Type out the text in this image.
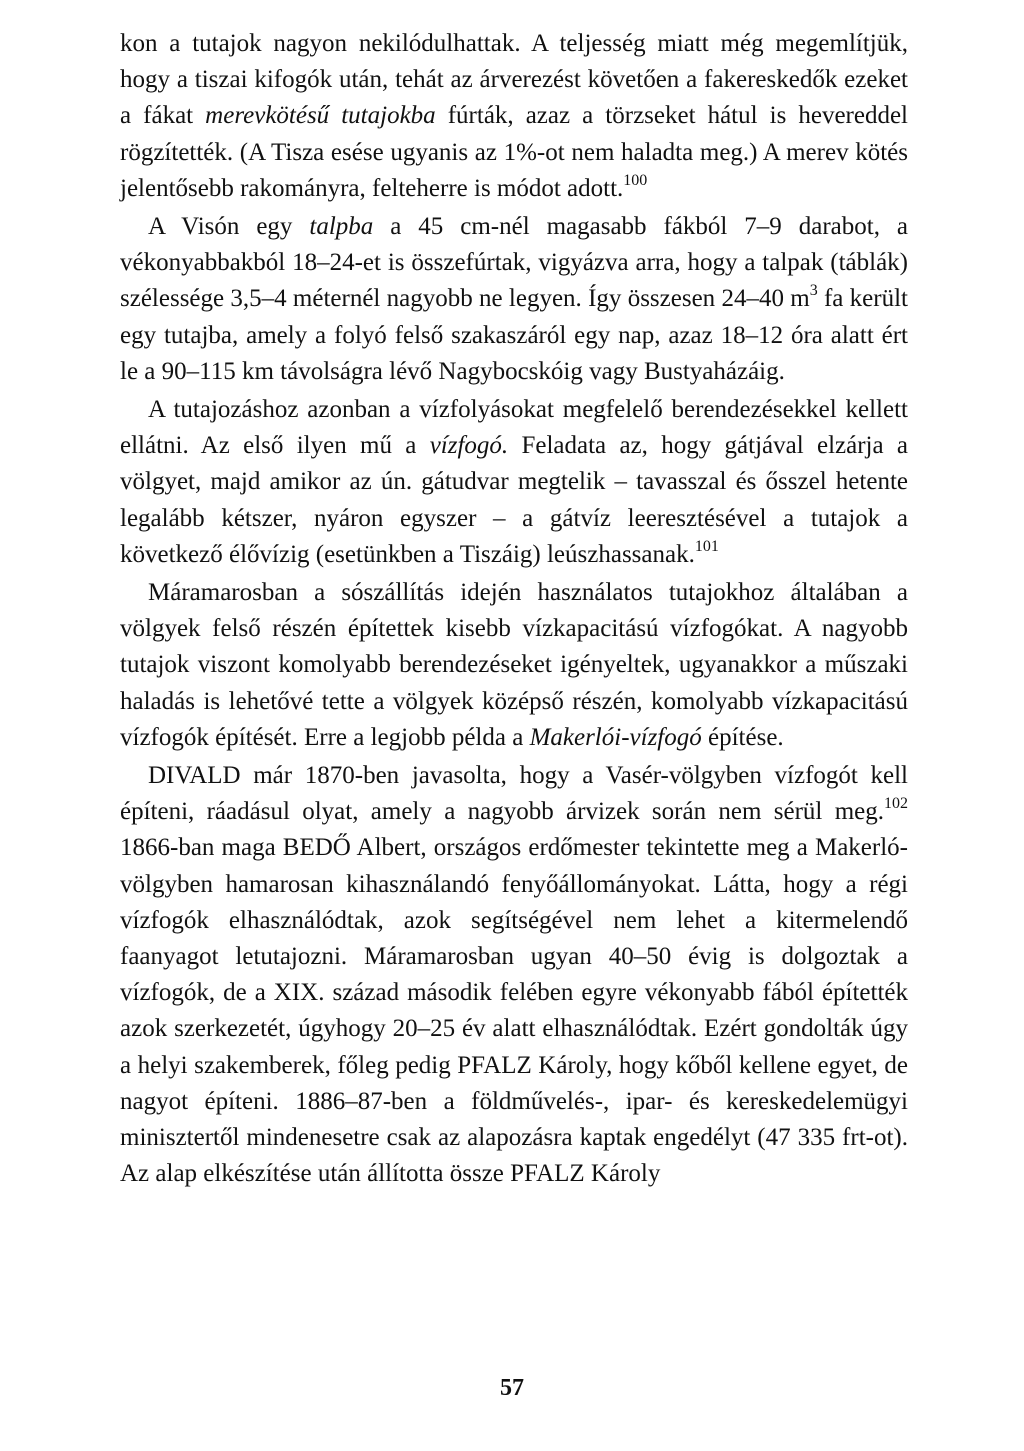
kon a tutajok nagyon nekilódulhattak. A teljesség miatt még megemlítjük, hogy a tiszai kifogók után, tehát az árverezést követően a fakereskedők ezeket a fákat merevkötésű tutajokba fúrták, azaz a törzseket hátul is hevereddel rögzítették. (A Tisza esése ugyanis az 1%-ot nem haladta meg.) A merev kötés jelentősebb rakományra, felteherre is módot adott.$^{100}$

A Visón egy talpba a 45 cm-nél magasabb fákból 7–9 darabot, a vékonyabbakból 18–24-et is összefúrtak, vigyázva arra, hogy a talpak (táblák) szélessége 3,5–4 méternél nagyobb ne legyen. Így összesen 24–40 $m^3$ fa került egy tutajba, amely a folyó felső szakaszáról egy nap, azaz 18–12 óra alatt ért le a 90–115 km távolságra lévő Nagybocskóig vagy Bustyaházáig.

A tutajozáshoz azonban a vízfolyásokat megfelelő berendezésekkel kellett ellátni. Az első ilyen mű a vízfogó. Feladata az, hogy gátjával elzárja a völgyet, majd amikor az ún. gátudvar megtelik – tavasszal és ősszel hetente legalább kétszer, nyáron egyszer – a gátvíz leeresztésével a tutajok a következő élővízig (esetünkben a Tiszáig) leúszhassanak.$^{101}$

Máramarosban a sószállítás idején használatos tutajokhoz általában a völgyek felső részén építettek kisebb vízkapacitású vízfogókat. A nagyobb tutajok viszont komolyabb berendezéseket igényeltek, ugyanakkor a műszaki haladás is lehetővé tette a völgyek középső részén, komolyabb vízkapacitású vízfogók építését. Erre a legjobb példa a Makerlói-vízfogó építése.

DIVALD már 1870-ben javasolta, hogy a Vasér-völgyben vízfogót kell építeni, ráadásul olyat, amely a nagyobb árvizek során nem sérül meg.$^{102}$ 1866-ban maga BEDŐ Albert, országos erdőmester tekintette meg a Makerló-völgyben hamarosan kihasználandó fenyőállományokat. Látta, hogy a régi vízfogók elhasználódtak, azok segítségével nem lehet a kitermelendő faanyagot letutajozni. Máramarosban ugyan 40–50 évig is dolgoztak a vízfogók, de a XIX. század második felében egyre vékonyabb fából építették azok szerkezetét, úgyhogy 20–25 év alatt elhasználódtak. Ezért gondolták úgy a helyi szakemberek, főleg pedig PFALZ Károly, hogy kőből kellene egyet, de nagyot építeni. 1886–87-ben a földművelés-, ipar- és kereskedelemügyi minisztertől mindenesetre csak az alapozásra kaptak engedélyt (47 335 frt-ot). Az alap elkészítése után állította össze PFALZ Károly

57
